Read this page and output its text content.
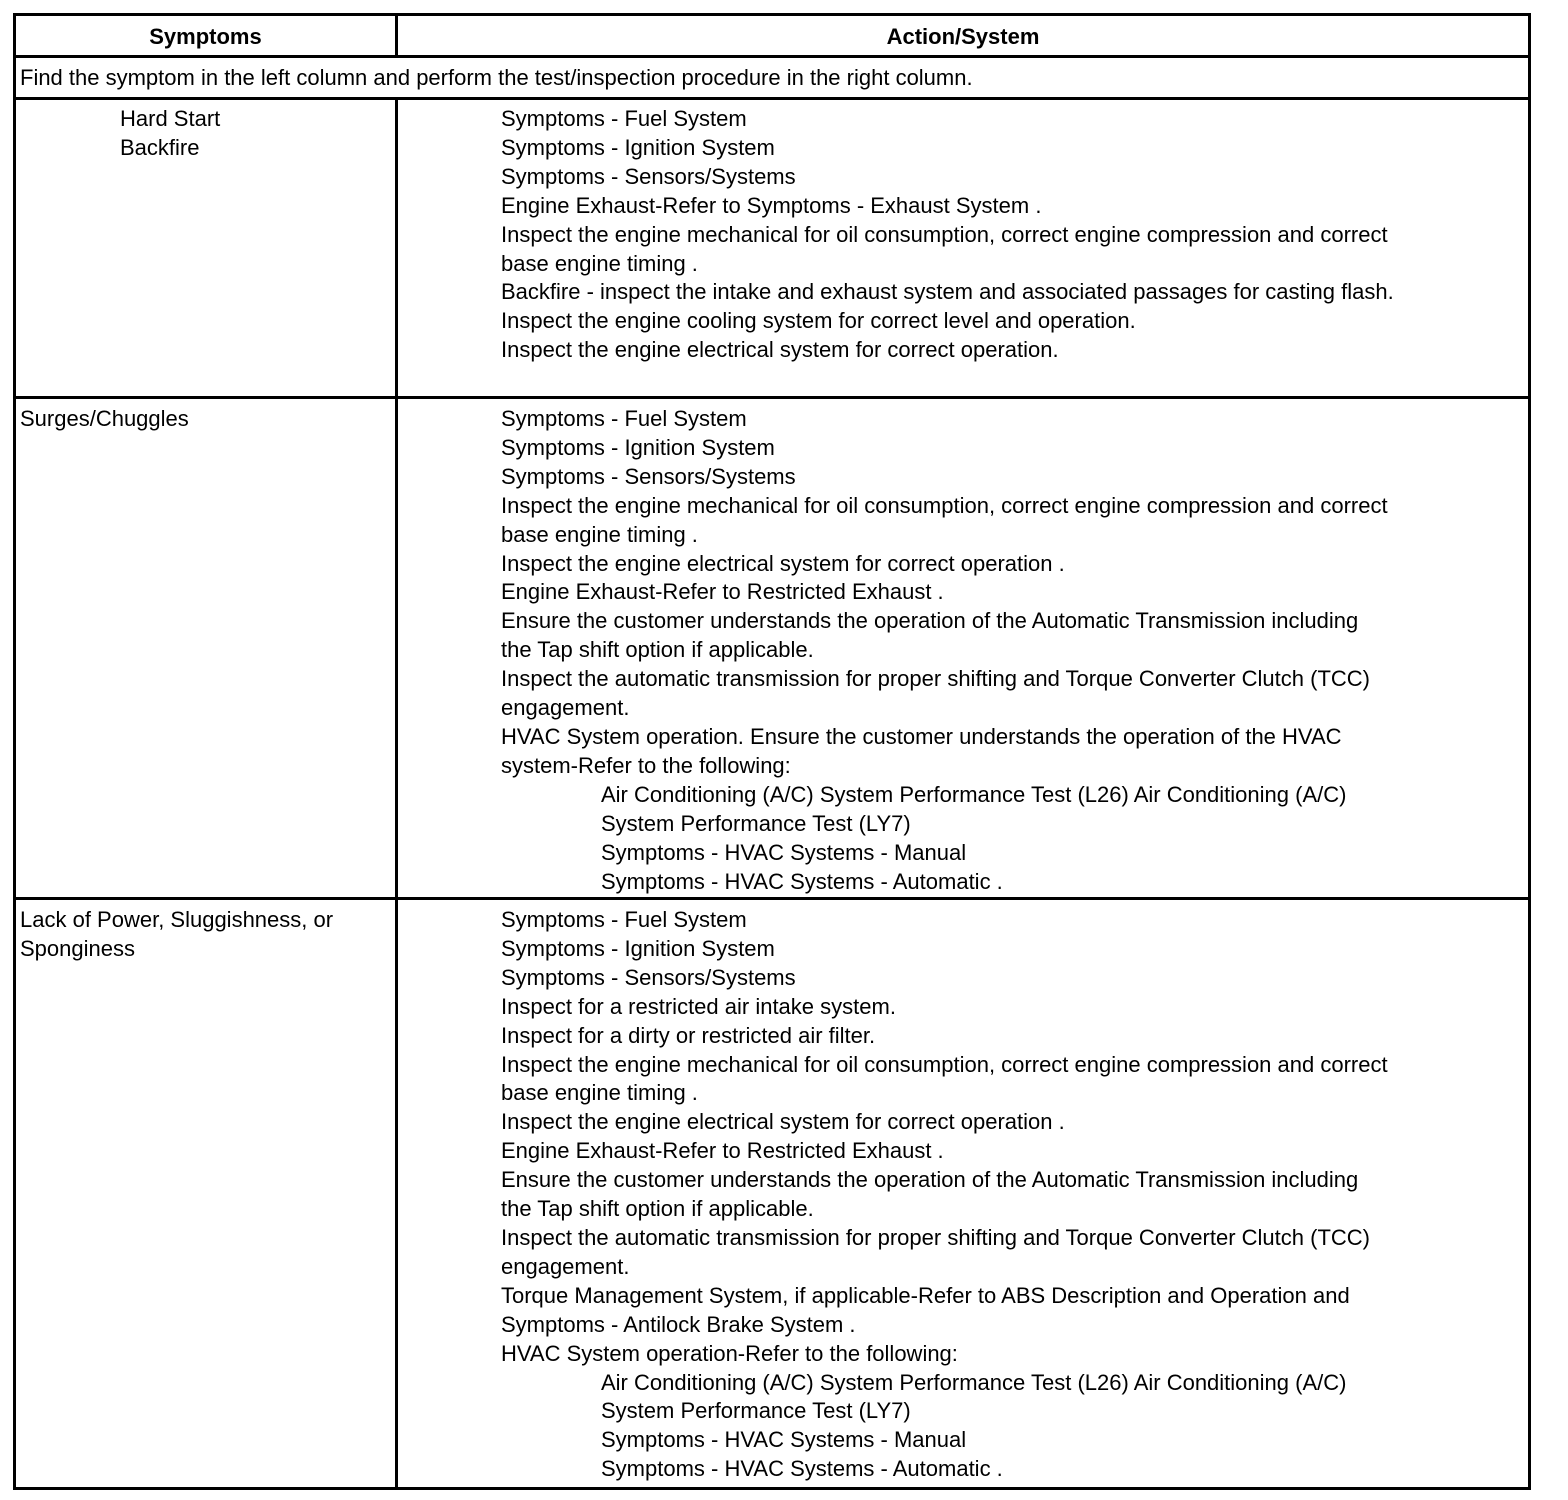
Symptoms	Action/System
Find the symptom in the left column and perform the test/inspection procedure in the right column.
Hard Start
Backfire
Symptoms - Fuel System
Symptoms - Ignition System
Symptoms - Sensors/Systems
Engine Exhaust-Refer to Symptoms - Exhaust System .
Inspect the engine mechanical for oil consumption, correct engine compression and correct
base engine timing .
Backfire - inspect the intake and exhaust system and associated passages for casting flash.
Inspect the engine cooling system for correct level and operation.
Inspect the engine electrical system for correct operation.
Surges/Chuggles	Symptoms - Fuel System
Symptoms - Ignition System
Symptoms - Sensors/Systems
Inspect the engine mechanical for oil consumption, correct engine compression and correct
base engine timing .
Inspect the engine electrical system for correct operation .
Engine Exhaust-Refer to Restricted Exhaust .
Ensure the customer understands the operation of the Automatic Transmission including
the Tap shift option if applicable.
Inspect the automatic transmission for proper shifting and Torque Converter Clutch (TCC)
engagement.
HVAC System operation. Ensure the customer understands the operation of the HVAC
system-Refer to the following:
Air Conditioning (A/C) System Performance Test (L26) Air Conditioning (A/C)
System Performance Test (LY7)
Symptoms - HVAC Systems - Manual
Symptoms - HVAC Systems - Automatic .
Lack of Power, Sluggishness, or
Sponginess
Symptoms - Fuel System
Symptoms - Ignition System
Symptoms - Sensors/Systems
Inspect for a restricted air intake system.
Inspect for a dirty or restricted air filter.
Inspect the engine mechanical for oil consumption, correct engine compression and correct
base engine timing .
Inspect the engine electrical system for correct operation .
Engine Exhaust-Refer to Restricted Exhaust .
Ensure the customer understands the operation of the Automatic Transmission including
the Tap shift option if applicable.
Inspect the automatic transmission for proper shifting and Torque Converter Clutch (TCC)
engagement.
Torque Management System, if applicable-Refer to ABS Description and Operation and
Symptoms - Antilock Brake System .
HVAC System operation-Refer to the following:
Air Conditioning (A/C) System Performance Test (L26) Air Conditioning (A/C)
System Performance Test (LY7)
Symptoms - HVAC Systems - Manual
Symptoms - HVAC Systems - Automatic .
